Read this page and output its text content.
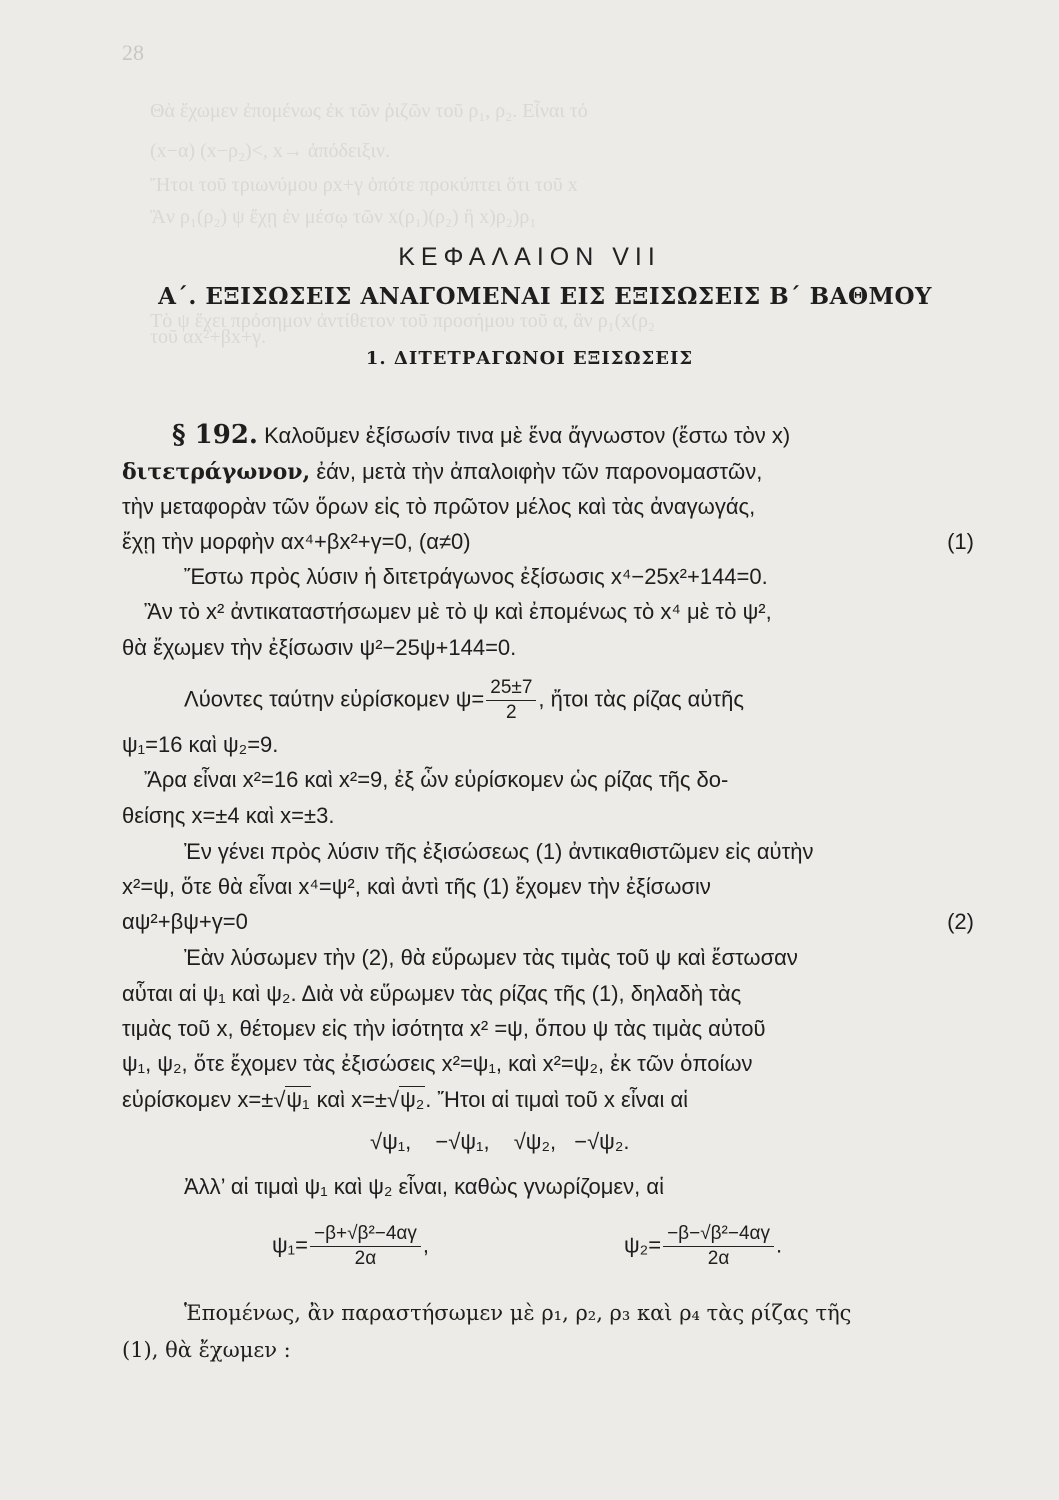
28
Θὰ ἔχωμεν ἐπομένως ἐκ τῶν ῥιζῶν τοῦ ρ₁, ρ₂. Εἶναι τό
(x−α) (x−ρ₂)<, x→ ἀπόδειξιν.
Ἤτοι τοῦ τριωνύμου ρx+γ ὁπότε προκύπτει ὅτι τοῦ x
Ἂν ρ₁(ρ₂) ψ ἔχῃ ἐν μέσῳ τῶν x(ρ₁)(ρ₂) ἢ x)ρ₂)ρ₁
Τὸ ψ ἔχει πρόσημον ἀντίθετον τοῦ προσήμου τοῦ α, ἂν ρ₁(x(ρ₂
τοῦ αx²+βx+γ.
ΚΕΦΑΛΑΙΟΝ VII
Α΄. ΕΞΙΣΩΣΕΙΣ ΑΝΑΓΟΜΕΝΑΙ ΕΙΣ ΕΞΙΣΩΣΕΙΣ Β΄ ΒΑΘΜΟΥ
1. ΔΙΤΕΤΡΑΓΩΝΟΙ ΕΞΙΣΩΣΕΙΣ
§ 192. Καλοῦμεν ἐξίσωσίν τινα μὲ ἕνα ἄγνωστον (ἔστω τὸν x)
διτετράγωνον, ἐάν, μετὰ τὴν ἀπαλοιφὴν τῶν παρονομαστῶν,
τὴν μεταφορὰν τῶν ὅρων εἰς τὸ πρῶτον μέλος καὶ τὰς ἀναγωγάς,
ἔχῃ τὴν μορφὴν αx⁴+βx²+γ=0, (α≠0)	(1)
Ἔστω πρὸς λύσιν ἡ διτετράγωνος ἐξίσωσις x⁴−25x²+144=0.
Ἂν τὸ x² ἀντικαταστήσωμεν μὲ τὸ ψ καὶ ἐπομένως τὸ x⁴ μὲ τὸ ψ²,
θὰ ἔχωμεν τὴν ἐξίσωσιν ψ²−25ψ+144=0.
Λύοντες ταύτην εὑρίσκομεν $\psi= \frac{25\pm 7}{2}$ , ἤτοι τὰς ρίζας αὐτῆς
ψ₁=16 καὶ ψ₂=9.
Ἄρα εἶναι x²=16 καὶ x²=9, ἐξ ὧν εὑρίσκομεν ὡς ρίζας τῆς δο-
θείσης x=±4 καὶ x=±3.
Ἐν γένει πρὸς λύσιν τῆς ἐξισώσεως (1) ἀντικαθιστῶμεν εἰς αὐτὴν
x²=ψ, ὅτε θὰ εἶναι x⁴=ψ², καὶ ἀντὶ τῆς (1) ἔχομεν τὴν ἐξίσωσιν
αψ²+βψ+γ=0	(2)
Ἐὰν λύσωμεν τὴν (2), θὰ εὕρωμεν τὰς τιμὰς τοῦ ψ καὶ ἔστωσαν
αὗται αἱ ψ₁ καὶ ψ₂. Διὰ νὰ εὕρωμεν τὰς ρίζας τῆς (1), δηλαδὴ τὰς
τιμὰς τοῦ x, θέτομεν εἰς τὴν ἰσότητα x² =ψ, ὅπου ψ τὰς τιμὰς αὐτοῦ
ψ₁, ψ₂, ὅτε ἔχομεν τὰς ἐξισώσεις x²=ψ₁, καὶ x²=ψ₂, ἐκ τῶν ὁποίων
εὑρίσκομεν x=±√ψ₁ καὶ x=±√ψ₂. Ἤτοι αἱ τιμαὶ τοῦ x εἶναι αἱ
√ψ₁, −√ψ₁, √ψ₂, −√ψ₂.
Ἀλλ’ αἱ τιμαὶ ψ₁ καὶ ψ₂ εἶναι, καθὼς γνωρίζομεν, αἱ
$\psi_1= \frac{\text{−β+√β²−4αγ}}{2\alpha}$ ,	$\psi_2= \frac{\text{−β−√β²−4αγ}}{2\alpha}$ .
Ἑπομένως, ἂν παραστήσωμεν μὲ ρ₁, ρ₂, ρ₃ καὶ ρ₄ τὰς ρίζας τῆς
(1), θὰ ἔχωμεν :
